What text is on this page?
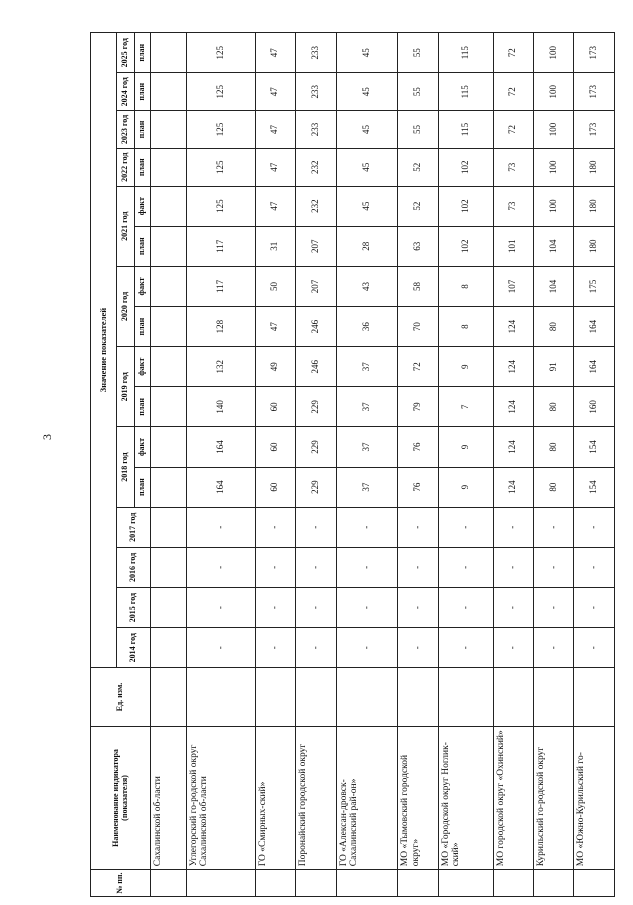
3
№ пп.	Наименование индикатора (показателя)	Ед. изм.	Значение показателей															
			2014 год	2015 год	2016 год	2017 год	2018 год		2019 год		2020 год		2021 год		2022 год	2023 год	2024 год	2025 год
							план	факт	план	факт	план	факт	план	факт	план	план	план	план
	Сахалинской об-ласти																	
	Углегорский го-родской округ Сахалинской об-ласти		-	-	-	-	164	164	140	132	128	117	117	125	125	125	125	125
	ГО «Смирных-ский»		-	-	-	-	60	60	60	49	47	50	31	47	47	47	47	47
	Поронайский городской округ		-	-	-	-	229	229	229	246	246	207	207	232	232	233	233	233
	ГО «Алексан-дровск-Сахалинский рай-он»		-	-	-	-	37	37	37	37	36	43	28	45	45	45	45	45
	МО «Тымовский городской округ»		-	-	-	-	76	76	79	72	70	58	63	52	52	55	55	55
	МО «Городской округ Ноглик-ский»		-	-	-	-	9	9	7	9	8	8	102	102	102	115	115	115
	МО городской округ «Охинский»		-	-	-	-	124	124	124	124	124	107	101	73	73	72	72	72
	Курильский го-родской округ		-	-	-	-	80	80	80	91	80	104	104	100	100	100	100	100
	МО «Южно-Курильский го-		-	-	-	-	154	154	160	164	164	175	180	180	180	173	173	173
